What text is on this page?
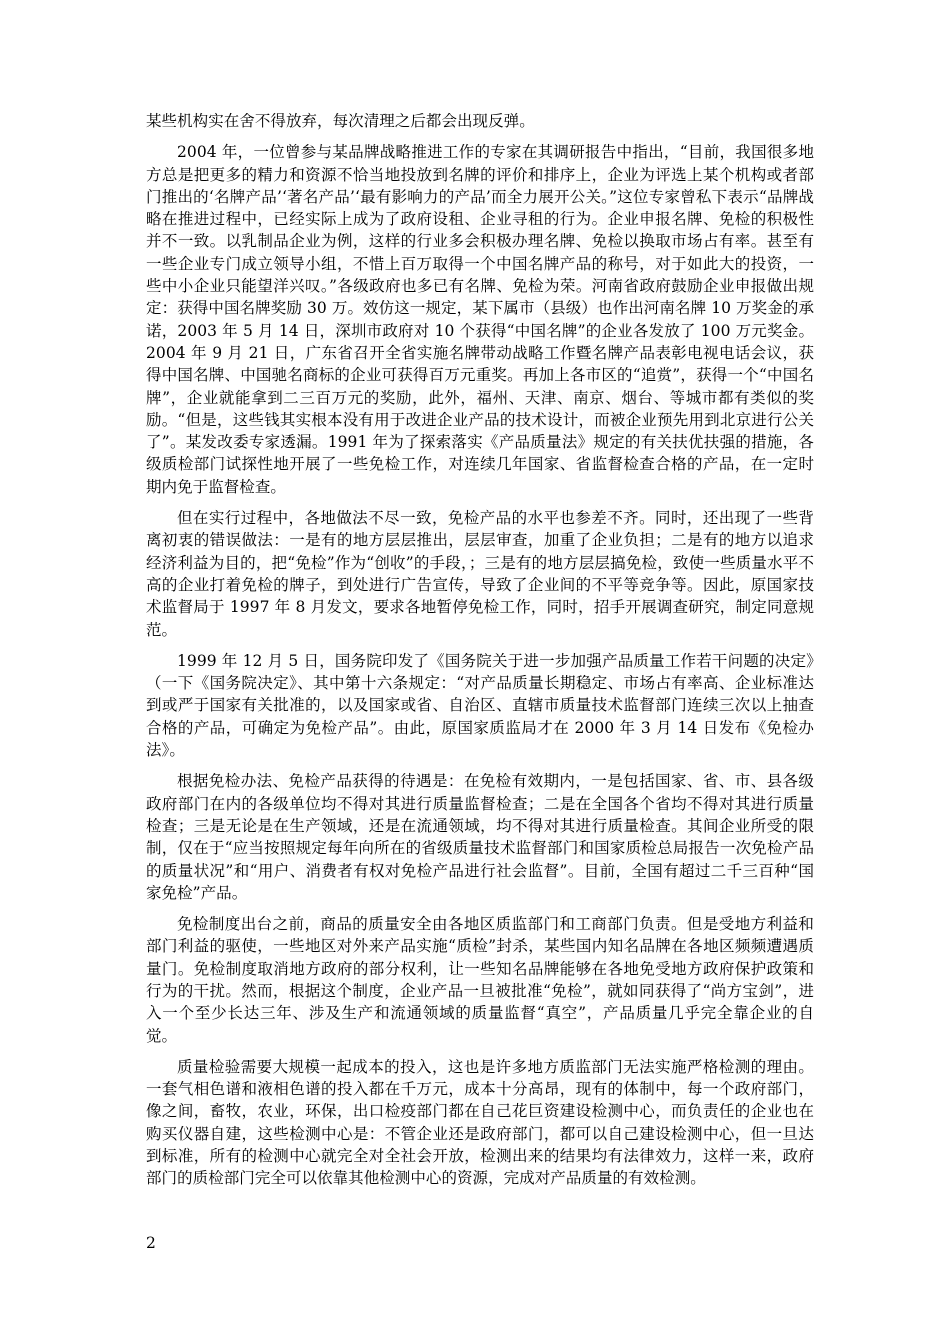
某些机构实在舍不得放弃，每次清理之后都会出现反弹。

2004 年，一位曾参与某品牌战略推进工作的专家在其调研报告中指出，“目前，我国很多地方总是把更多的精力和资源不恰当地投放到名牌的评价和排序上，企业为评选上某个机构或者部门推出的‘名牌产品’‘著名产品’‘最有影响力的产品’而全力展开公关。”这位专家曾私下表示“品牌战略在推进过程中，已经实际上成为了政府设租、企业寻租的行为。企业申报名牌、免检的积极性并不一致。以乳制品企业为例，这样的行业多会积极办理名牌、免检以换取市场占有率。甚至有一些企业专门成立领导小组，不惜上百万取得一个中国名牌产品的称号，对于如此大的投资，一些中小企业只能望洋兴叹。”各级政府也多已有名牌、免检为荣。河南省政府鼓励企业申报做出规定：获得中国名牌奖励 30 万。效仿这一规定，某下属市（县级）也作出河南名牌 10 万奖金的承诺，2003 年 5 月 14 日，深圳市政府对 10 个获得“中国名牌”的企业各发放了 100 万元奖金。2004 年 9 月 21 日，广东省召开全省实施名牌带动战略工作暨名牌产品表彰电视电话会议，获得中国名牌、中国驰名商标的企业可获得百万元重奖。再加上各市区的“追赏”，获得一个“中国名牌”，企业就能拿到二三百万元的奖励，此外，福州、天津、南京、烟台、等城市都有类似的奖励。“但是，这些钱其实根本没有用于改进企业产品的技术设计，而被企业预先用到北京进行公关了”。某发改委专家透漏。1991 年为了探索落实《产品质量法》规定的有关扶优扶强的措施，各级质检部门试探性地开展了一些免检工作，对连续几年国家、省监督检查合格的产品，在一定时期内免于监督检查。

但在实行过程中，各地做法不尽一致，免检产品的水平也参差不齐。同时，还出现了一些背离初衷的错误做法：一是有的地方层层推出，层层审查，加重了企业负担；二是有的地方以追求经济利益为目的，把“免检”作为“创收”的手段，；三是有的地方层层搞免检，致使一些质量水平不高的企业打着免检的牌子，到处进行广告宣传，导致了企业间的不平等竞争等。因此，原国家技术监督局于 1997 年 8 月发文，要求各地暂停免检工作，同时，招手开展调查研究，制定同意规范。

1999 年 12 月 5 日，国务院印发了《国务院关于进一步加强产品质量工作若干问题的决定》（一下《国务院决定》、其中第十六条规定：“对产品质量长期稳定、市场占有率高、企业标准达到或严于国家有关批准的，以及国家或省、自治区、直辖市质量技术监督部门连续三次以上抽查合格的产品，可确定为免检产品”。由此，原国家质监局才在 2000 年 3 月 14 日发布《免检办法》。

根据免检办法、免检产品获得的待遇是：在免检有效期内，一是包括国家、省、市、县各级政府部门在内的各级单位均不得对其进行质量监督检查；二是在全国各个省均不得对其进行质量检查；三是无论是在生产领域，还是在流通领域，均不得对其进行质量检查。其间企业所受的限制，仅在于“应当按照规定每年向所在的省级质量技术监督部门和国家质检总局报告一次免检产品的质量状况”和“用户、消费者有权对免检产品进行社会监督”。目前，全国有超过二千三百种“国家免检”产品。

免检制度出台之前，商品的质量安全由各地区质监部门和工商部门负责。但是受地方利益和部门利益的驱使，一些地区对外来产品实施“质检”封杀，某些国内知名品牌在各地区频频遭遇质量门。免检制度取消地方政府的部分权利，让一些知名品牌能够在各地免受地方政府保护政策和行为的干扰。然而，根据这个制度，企业产品一旦被批准“免检”，就如同获得了“尚方宝剑”，进入一个至少长达三年、涉及生产和流通领域的质量监督“真空”，产品质量几乎完全靠企业的自觉。

质量检验需要大规模一起成本的投入，这也是许多地方质监部门无法实施严格检测的理由。一套气相色谱和液相色谱的投入都在千万元，成本十分高昂，现有的体制中，每一个政府部门，像之间，畜牧，农业，环保，出口检疫部门都在自己花巨资建设检测中心，而负责任的企业也在购买仪器自建，这些检测中心是：不管企业还是政府部门，都可以自己建设检测中心，但一旦达到标准，所有的检测中心就完全对全社会开放，检测出来的结果均有法律效力，这样一来，政府部门的质检部门完全可以依靠其他检测中心的资源，完成对产品质量的有效检测。

2
